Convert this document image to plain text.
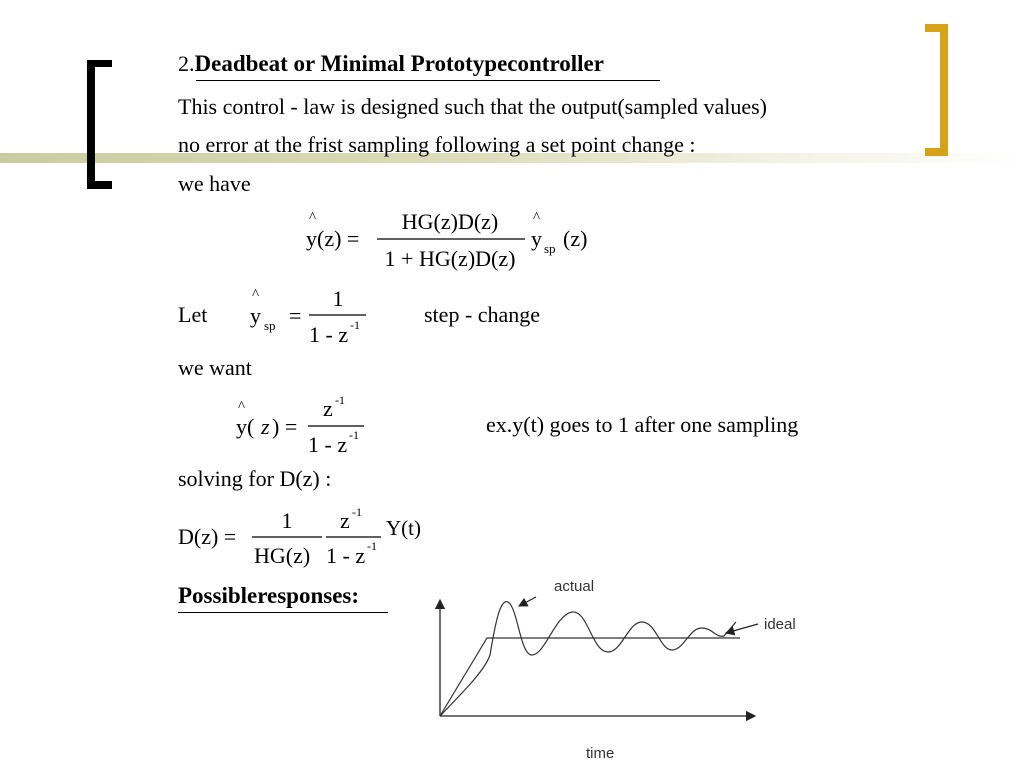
2.Deadbeat or Minimal Prototypecontroller
This control - law is designed such that the output(sampled values)
no error at the frist sampling following a set point change :
we have
^
y(z) =
HG(z)D(z)
1 + HG(z)D(z)
^
y sp (z)
Let
^
y sp =
1
1 - z -1	step - change
we want
^
y( z ) =
z -1
1 - z -1	ex.y(t) goes to 1 after one sampling
solving for D(z) :
D(z) =
1
HG(z)
z -1
1 - z -1
Y(t)
Possibleresponses:	actual
ideal
time
